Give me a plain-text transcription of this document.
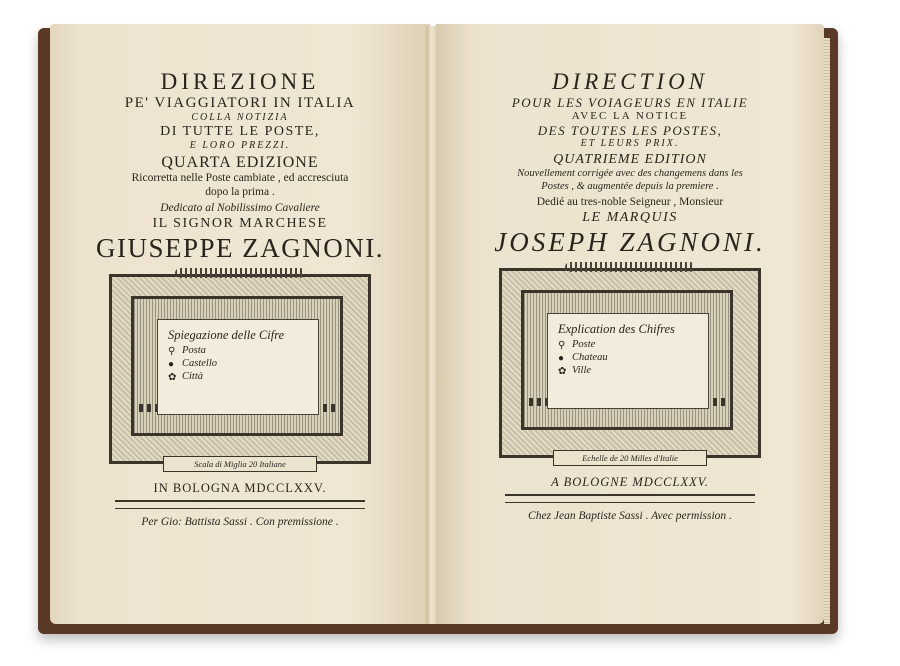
DIREZIONE
PE' VIAGGIATORI IN ITALIA
COLLA NOTIZIA
DI TUTTE LE POSTE,
E LORO PREZZI.
QUARTA EDIZIONE
Ricorretta nelle Poste cambiate , ed accresciuta
dopo la prima .
Dedicato al Nobilissimo Cavaliere
IL SIGNOR MARCHESE
GIUSEPPE ZAGNONI.
Spiegazione delle Cifre
⚲ Posta
● Castello
✿ Città
Scala di Miglia 20 Italiane
IN BOLOGNA MDCCLXXV.
Per Gio: Battista Sassi . Con premissione .
DIRECTION
POUR LES VOIAGEURS EN ITALIE
AVEC LA NOTICE
DES TOUTES LES POSTES,
ET LEURS PRIX.
QUATRIEME EDITION
Nouvellement corrigée avec des changemens dans les
Postes , & augmentée depuis la premiere .
Dedié au tres-noble Seigneur , Monsieur
LE MARQUIS
JOSEPH ZAGNONI.
Explication des Chifres
⚲ Poste
● Chateau
✿ Ville
Echelle de 20 Milles d'Italie
A BOLOGNE MDCCLXXV.
Chez Jean Baptiste Sassi . Avec permission .
